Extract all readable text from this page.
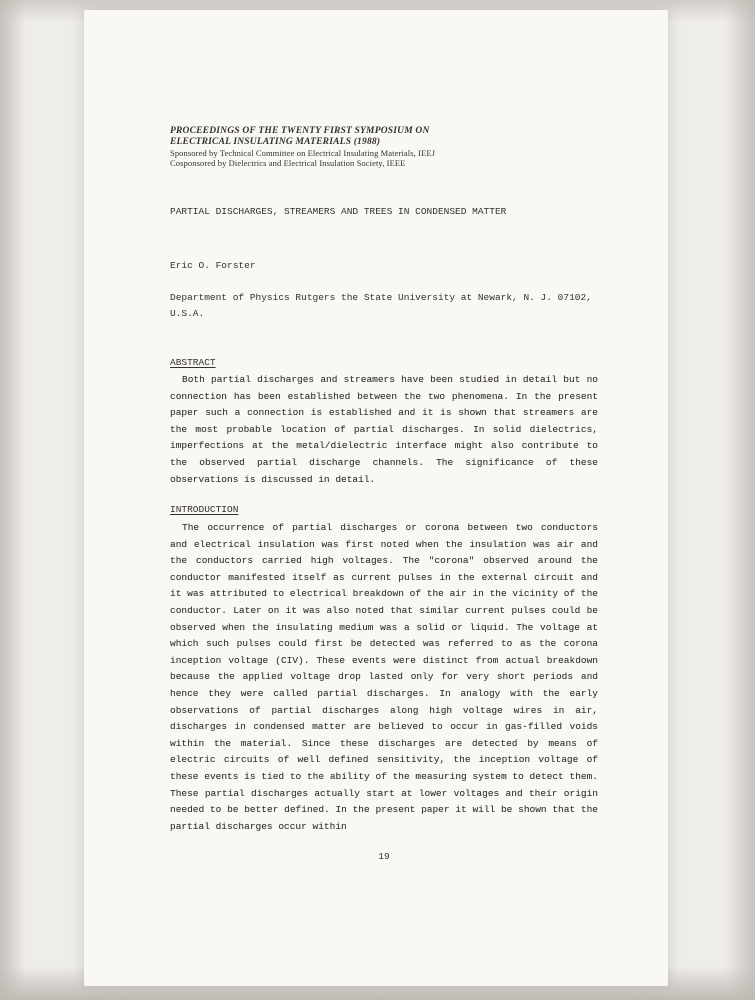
PROCEEDINGS OF THE TWENTY FIRST SYMPOSIUM ON
ELECTRICAL INSULATING MATERIALS (1988)
Sponsored by Technical Committee on Electrical Insulating Materials, IEEJ
Cosponsored by Dielectrics and Electrical Insulation Society, IEEE
PARTIAL DISCHARGES, STREAMERS AND TREES IN CONDENSED MATTER
Eric O. Forster
Department of Physics Rutgers the State University at Newark, N. J. 07102,
U.S.A.
ABSTRACT
Both partial discharges and streamers have been studied in detail but no connection has been established between the two phenomena. In the present paper such a connection is established and it is shown that streamers are the most probable location of partial discharges. In solid dielectrics, imperfections at the metal/dielectric interface might also contribute to the observed partial discharge channels. The significance of these observations is discussed in detail.
INTRODUCTION
The occurrence of partial discharges or corona between two conductors and electrical insulation was first noted when the insulation was air and the conductors carried high voltages. The "corona" observed around the conductor manifested itself as current pulses in the external circuit and it was attributed to electrical breakdown of the air in the vicinity of the conductor. Later on it was also noted that similar current pulses could be observed when the insulating medium was a solid or liquid. The voltage at which such pulses could first be detected was referred to as the corona inception voltage (CIV). These events were distinct from actual breakdown because the applied voltage drop lasted only for very short periods and hence they were called partial discharges. In analogy with the early observations of partial discharges along high voltage wires in air, discharges in condensed matter are believed to occur in gas-filled voids within the material. Since these discharges are detected by means of electric circuits of well defined sensitivity, the inception voltage of these events is tied to the ability of the measuring system to detect them. These partial discharges actually start at lower voltages and their origin needed to be better defined. In the present paper it will be shown that the partial discharges occur within
19
